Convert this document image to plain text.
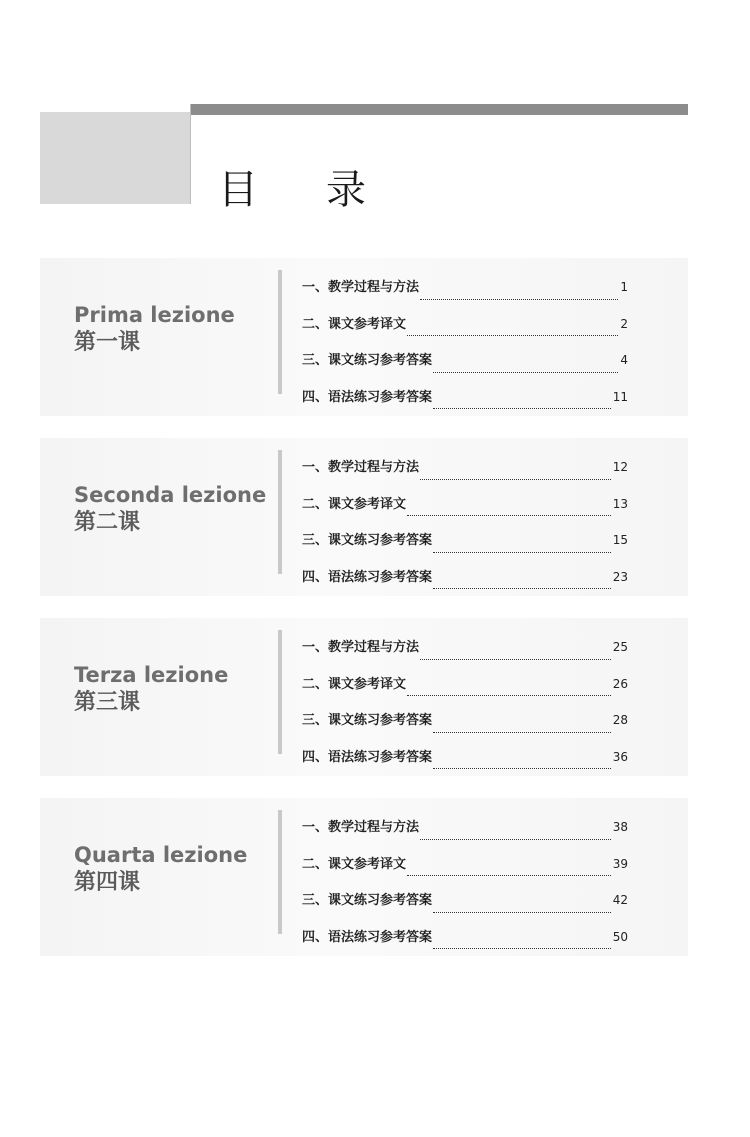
目　录
Prima lezione
第一课
一、教学过程与方法	1
二、课文参考译文	2
三、课文练习参考答案	4
四、语法练习参考答案	11
Seconda lezione
第二课
一、教学过程与方法	12
二、课文参考译文	13
三、课文练习参考答案	15
四、语法练习参考答案	23
Terza lezione
第三课
一、教学过程与方法	25
二、课文参考译文	26
三、课文练习参考答案	28
四、语法练习参考答案	36
Quarta lezione
第四课
一、教学过程与方法	38
二、课文参考译文	39
三、课文练习参考答案	42
四、语法练习参考答案	50
